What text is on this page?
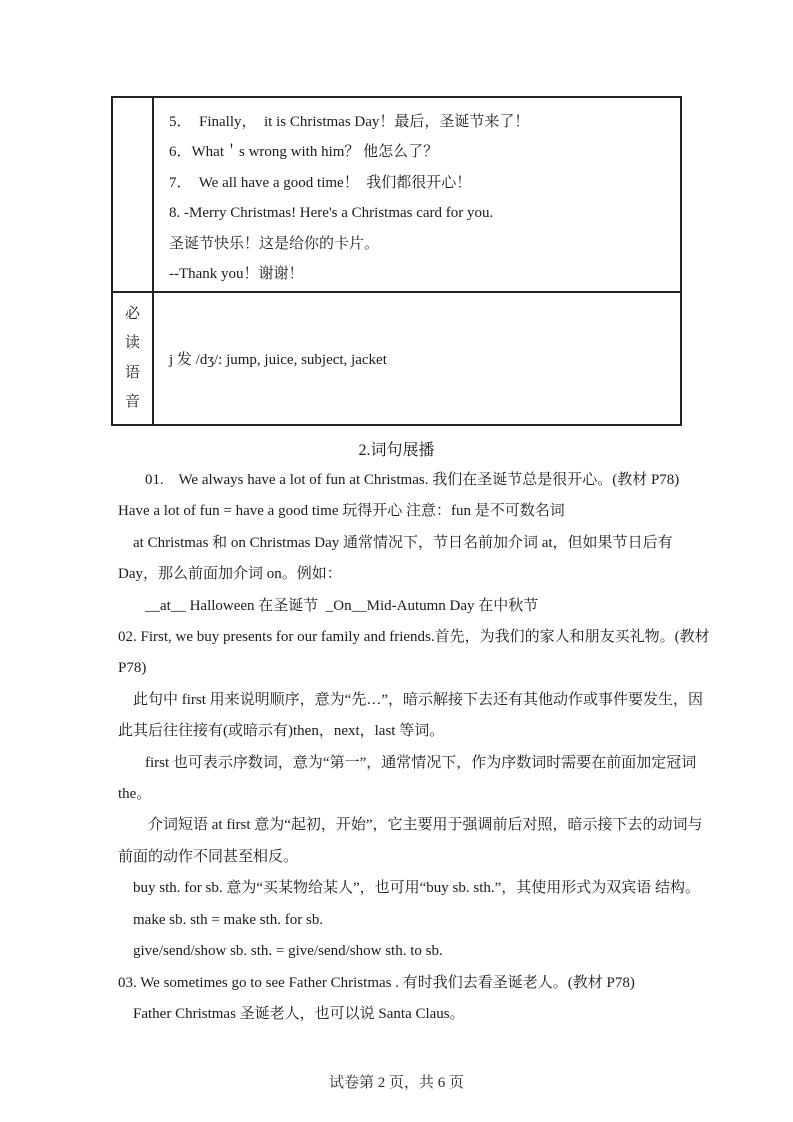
5．  Finally，  it is Christmas Day！最后，圣诞节来了！
6．What＇s wrong with him？ 他怎么了？
7．  We all have a good time！  我们都很开心！
8. -Merry Christmas! Here's a Christmas card for you.
圣诞节快乐！这是给你的卡片。
--Thank you！谢谢！
必
读
语
音
j 发 /dʒ/: jump, juice, subject, jacket
2.词句展播
01.    We always have a lot of fun at Christmas. 我们在圣诞节总是很开心。(教材 P78)
Have a lot of fun = have a good time 玩得开心 注意：fun 是不可数名词
at Christmas 和 on Christmas Day 通常情况下，节日名前加介词 at，但如果节日后有
Day，那么前面加介词 on。例如：
__at__ Halloween 在圣诞节  _On__Mid-Autumn Day 在中秋节
02. First, we buy presents for our family and friends.首先，为我们的家人和朋友买礼物。(教材
P78)
此句中 first 用来说明顺序，意为“先…”，暗示解接下去还有其他动作或事件要发生，因
此其后往往接有(或暗示有)then，next，last 等词。
first 也可表示序数词，意为“第一”，通常情况下，作为序数词时需要在前面加定冠词
the。
介词短语 at first 意为“起初，开始”，它主要用于强调前后对照，暗示接下去的动词与
前面的动作不同甚至相反。
buy sth. for sb. 意为“买某物给某人”，也可用“buy sb. sth.”，其使用形式为双宾语 结构。
make sb. sth = make sth. for sb.
give/send/show sb. sth. = give/send/show sth. to sb.
03. We sometimes go to see Father Christmas . 有时我们去看圣诞老人。(教材 P78)
Father Christmas 圣诞老人，也可以说 Santa Claus。
试卷第 2 页，共 6 页
